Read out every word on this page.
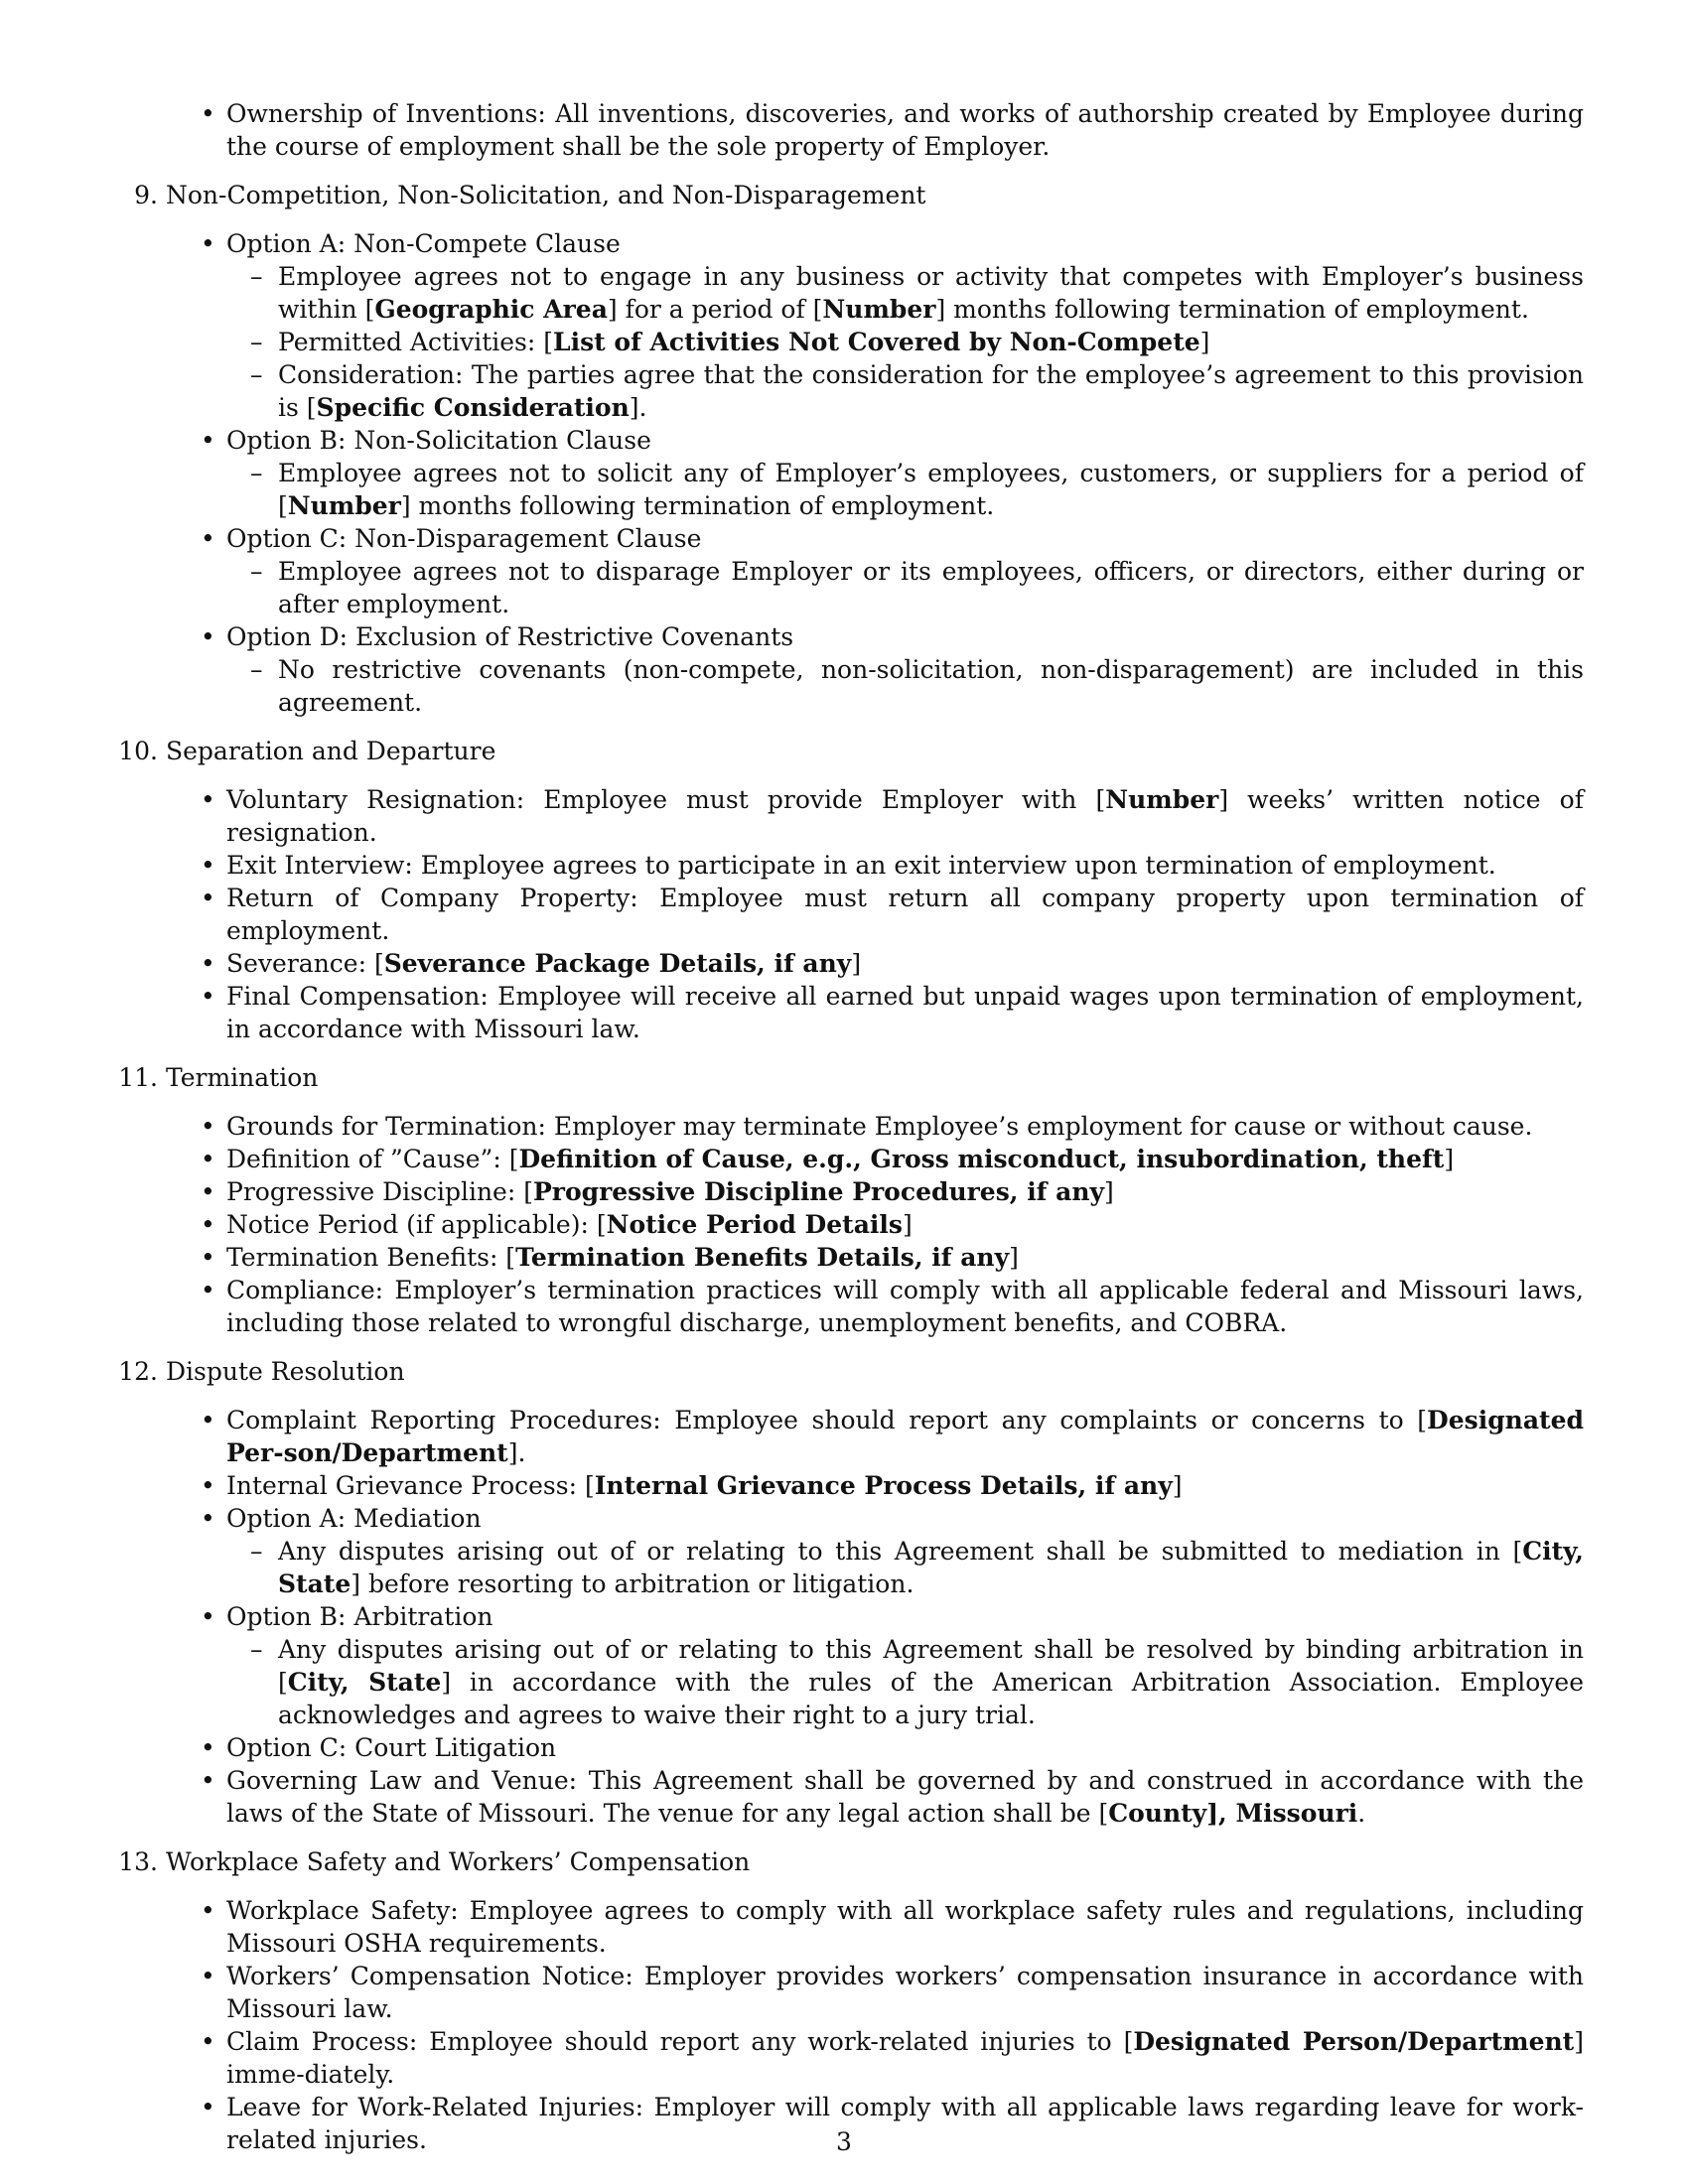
• Ownership of Inventions: All inventions, discoveries, and works of authorship created by Employee during the course of employment shall be the sole property of Employer.
9. Non-Competition, Non-Solicitation, and Non-Disparagement
• Option A: Non-Compete Clause
– Employee agrees not to engage in any business or activity that competes with Employer’s business within [Geographic Area] for a period of [Number] months following termination of employment.
– Permitted Activities: [List of Activities Not Covered by Non-Compete]
– Consideration: The parties agree that the consideration for the employee’s agreement to this provision is [Specific Consideration].
• Option B: Non-Solicitation Clause
– Employee agrees not to solicit any of Employer’s employees, customers, or suppliers for a period of [Number] months following termination of employment.
• Option C: Non-Disparagement Clause
– Employee agrees not to disparage Employer or its employees, officers, or directors, either during or after employment.
• Option D: Exclusion of Restrictive Covenants
– No restrictive covenants (non-compete, non-solicitation, non-disparagement) are included in this agreement.
10. Separation and Departure
• Voluntary Resignation: Employee must provide Employer with [Number] weeks’ written notice of resignation.
• Exit Interview: Employee agrees to participate in an exit interview upon termination of employment.
• Return of Company Property: Employee must return all company property upon termination of employment.
• Severance: [Severance Package Details, if any]
• Final Compensation: Employee will receive all earned but unpaid wages upon termination of employment, in accordance with Missouri law.
11. Termination
• Grounds for Termination: Employer may terminate Employee’s employment for cause or without cause.
• Definition of ”Cause”: [Definition of Cause, e.g., Gross misconduct, insubordination, theft]
• Progressive Discipline: [Progressive Discipline Procedures, if any]
• Notice Period (if applicable): [Notice Period Details]
• Termination Benefits: [Termination Benefits Details, if any]
• Compliance: Employer’s termination practices will comply with all applicable federal and Missouri laws, including those related to wrongful discharge, unemployment benefits, and COBRA.
12. Dispute Resolution
• Complaint Reporting Procedures: Employee should report any complaints or concerns to [Designated Per-son/Department].
• Internal Grievance Process: [Internal Grievance Process Details, if any]
• Option A: Mediation
– Any disputes arising out of or relating to this Agreement shall be submitted to mediation in [City, State] before resorting to arbitration or litigation.
• Option B: Arbitration
– Any disputes arising out of or relating to this Agreement shall be resolved by binding arbitration in [City, State] in accordance with the rules of the American Arbitration Association. Employee acknowledges and agrees to waive their right to a jury trial.
• Option C: Court Litigation
• Governing Law and Venue: This Agreement shall be governed by and construed in accordance with the laws of the State of Missouri. The venue for any legal action shall be [County], Missouri.
13. Workplace Safety and Workers’ Compensation
• Workplace Safety: Employee agrees to comply with all workplace safety rules and regulations, including Missouri OSHA requirements.
• Workers’ Compensation Notice: Employer provides workers’ compensation insurance in accordance with Missouri law.
• Claim Process: Employee should report any work-related injuries to [Designated Person/Department] imme-diately.
• Leave for Work-Related Injuries: Employer will comply with all applicable laws regarding leave for work-related injuries.	3
